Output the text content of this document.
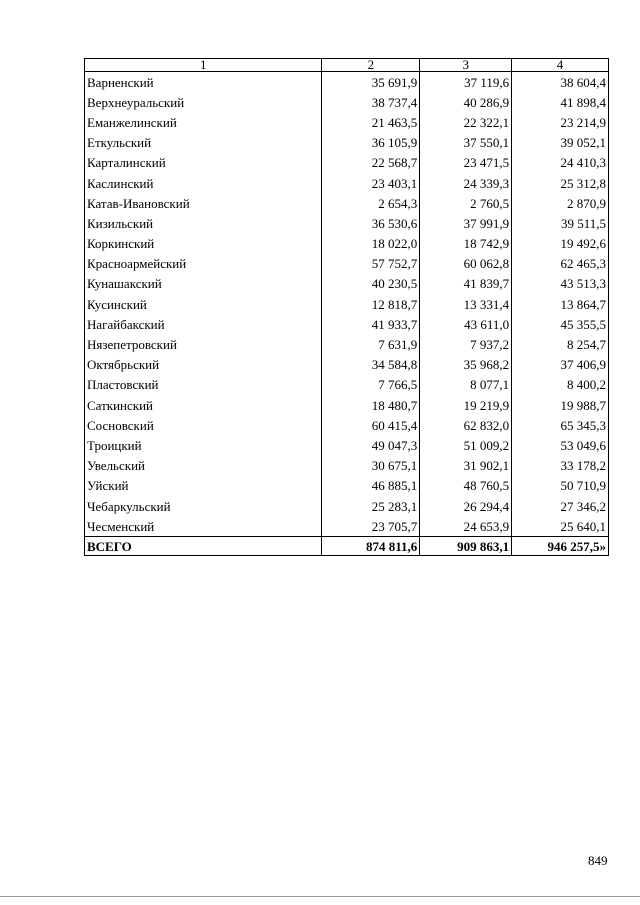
1	2	3	4
Варненский	35 691,9	37 119,6	38 604,4
Верхнеуральский	38 737,4	40 286,9	41 898,4
Еманжелинский	21 463,5	22 322,1	23 214,9
Еткульский	36 105,9	37 550,1	39 052,1
Карталинский	22 568,7	23 471,5	24 410,3
Каслинский	23 403,1	24 339,3	25 312,8
Катав-Ивановский	2 654,3	2 760,5	2 870,9
Кизильский	36 530,6	37 991,9	39 511,5
Коркинский	18 022,0	18 742,9	19 492,6
Красноармейский	57 752,7	60 062,8	62 465,3
Кунашакский	40 230,5	41 839,7	43 513,3
Кусинский	12 818,7	13 331,4	13 864,7
Нагайбакский	41 933,7	43 611,0	45 355,5
Нязепетровский	7 631,9	7 937,2	8 254,7
Октябрьский	34 584,8	35 968,2	37 406,9
Пластовский	7 766,5	8 077,1	8 400,2
Саткинский	18 480,7	19 219,9	19 988,7
Сосновский	60 415,4	62 832,0	65 345,3
Троицкий	49 047,3	51 009,2	53 049,6
Увельский	30 675,1	31 902,1	33 178,2
Уйский	46 885,1	48 760,5	50 710,9
Чебаркульский	25 283,1	26 294,4	27 346,2
Чесменский	23 705,7	24 653,9	25 640,1
ВСЕГО	874 811,6	909 863,1	946 257,5»
849
